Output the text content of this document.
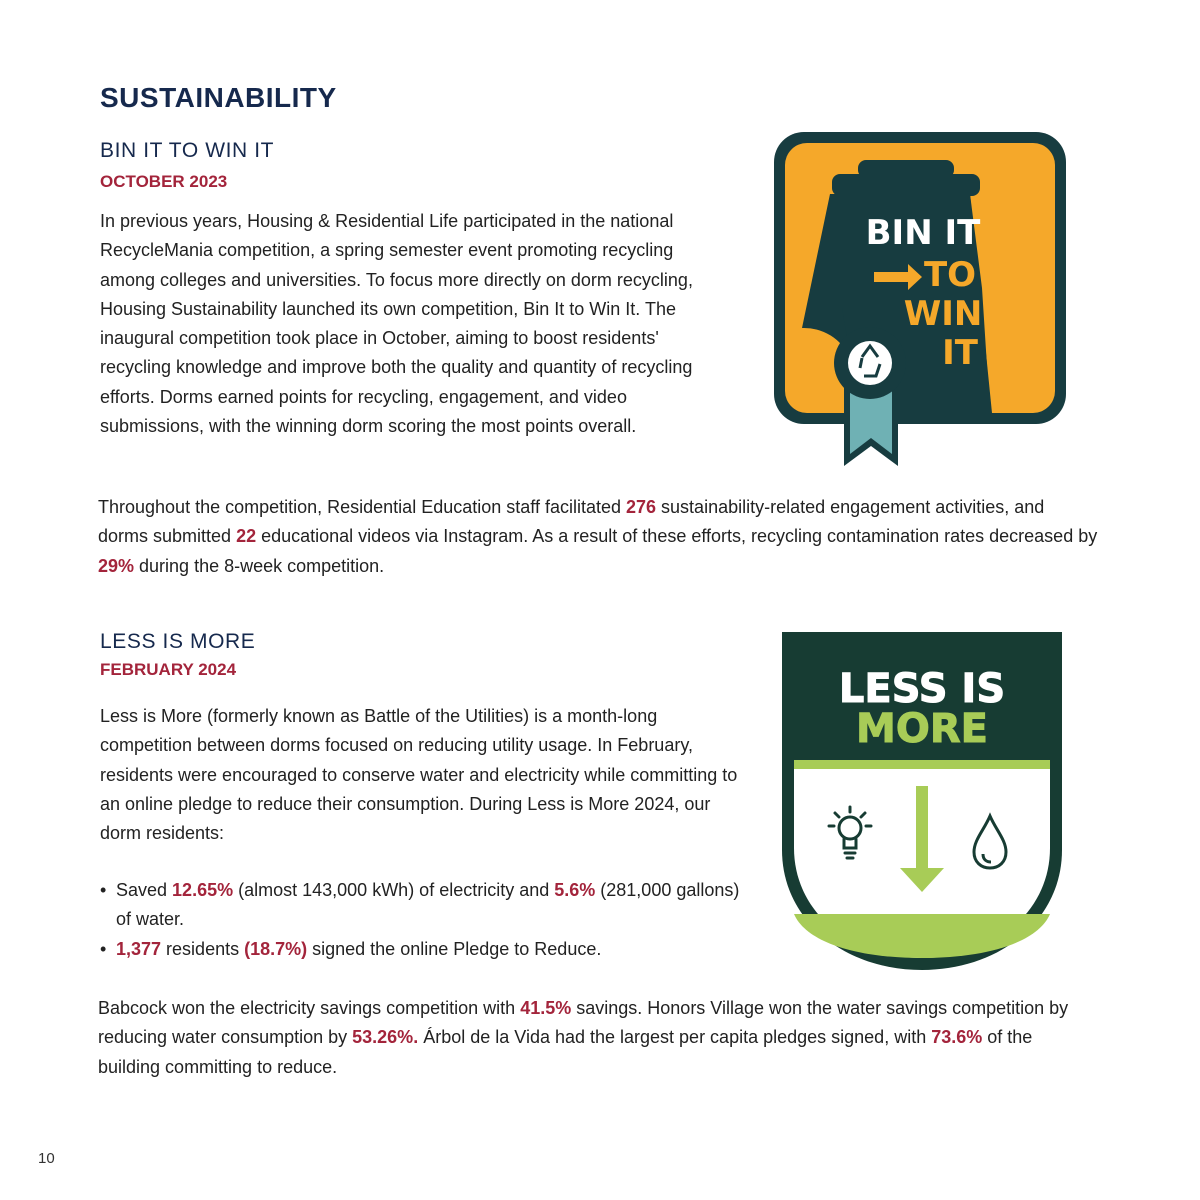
SUSTAINABILITY
BIN IT TO WIN IT
OCTOBER 2023

In previous years, Housing & Residential Life participated in the national RecycleMania competition, a spring semester event promoting recycling among colleges and universities. To focus more directly on dorm recycling, Housing Sustainability launched its own competition, Bin It to Win It. The inaugural competition took place in October, aiming to boost residents' recycling knowledge and improve both the quality and quantity of recycling efforts. Dorms earned points for recycling, engagement, and video submissions, with the winning dorm scoring the most points overall.

Throughout the competition, Residential Education staff facilitated 276 sustainability-related engagement activities, and dorms submitted 22 educational videos via Instagram. As a result of these efforts, recycling contamination rates decreased by 29% during the 8-week competition.

BIN IT
TO
WIN
IT
LESS IS MORE
FEBRUARY 2024

Less is More (formerly known as Battle of the Utilities) is a month-long competition between dorms focused on reducing utility usage. In February, residents were encouraged to conserve water and electricity while committing to an online pledge to reduce their consumption. During Less is More 2024, our dorm residents:

• Saved 12.65% (almost 143,000 kWh) of electricity and 5.6% (281,000 gallons) of water.
• 1,377 residents (18.7%) signed the online Pledge to Reduce.

Babcock won the electricity savings competition with 41.5% savings. Honors Village won the water savings competition by reducing water consumption by 53.26%. Árbol de la Vida had the largest per capita pledges signed, with 73.6% of the building committing to reduce.

LESS IS
MORE
10
